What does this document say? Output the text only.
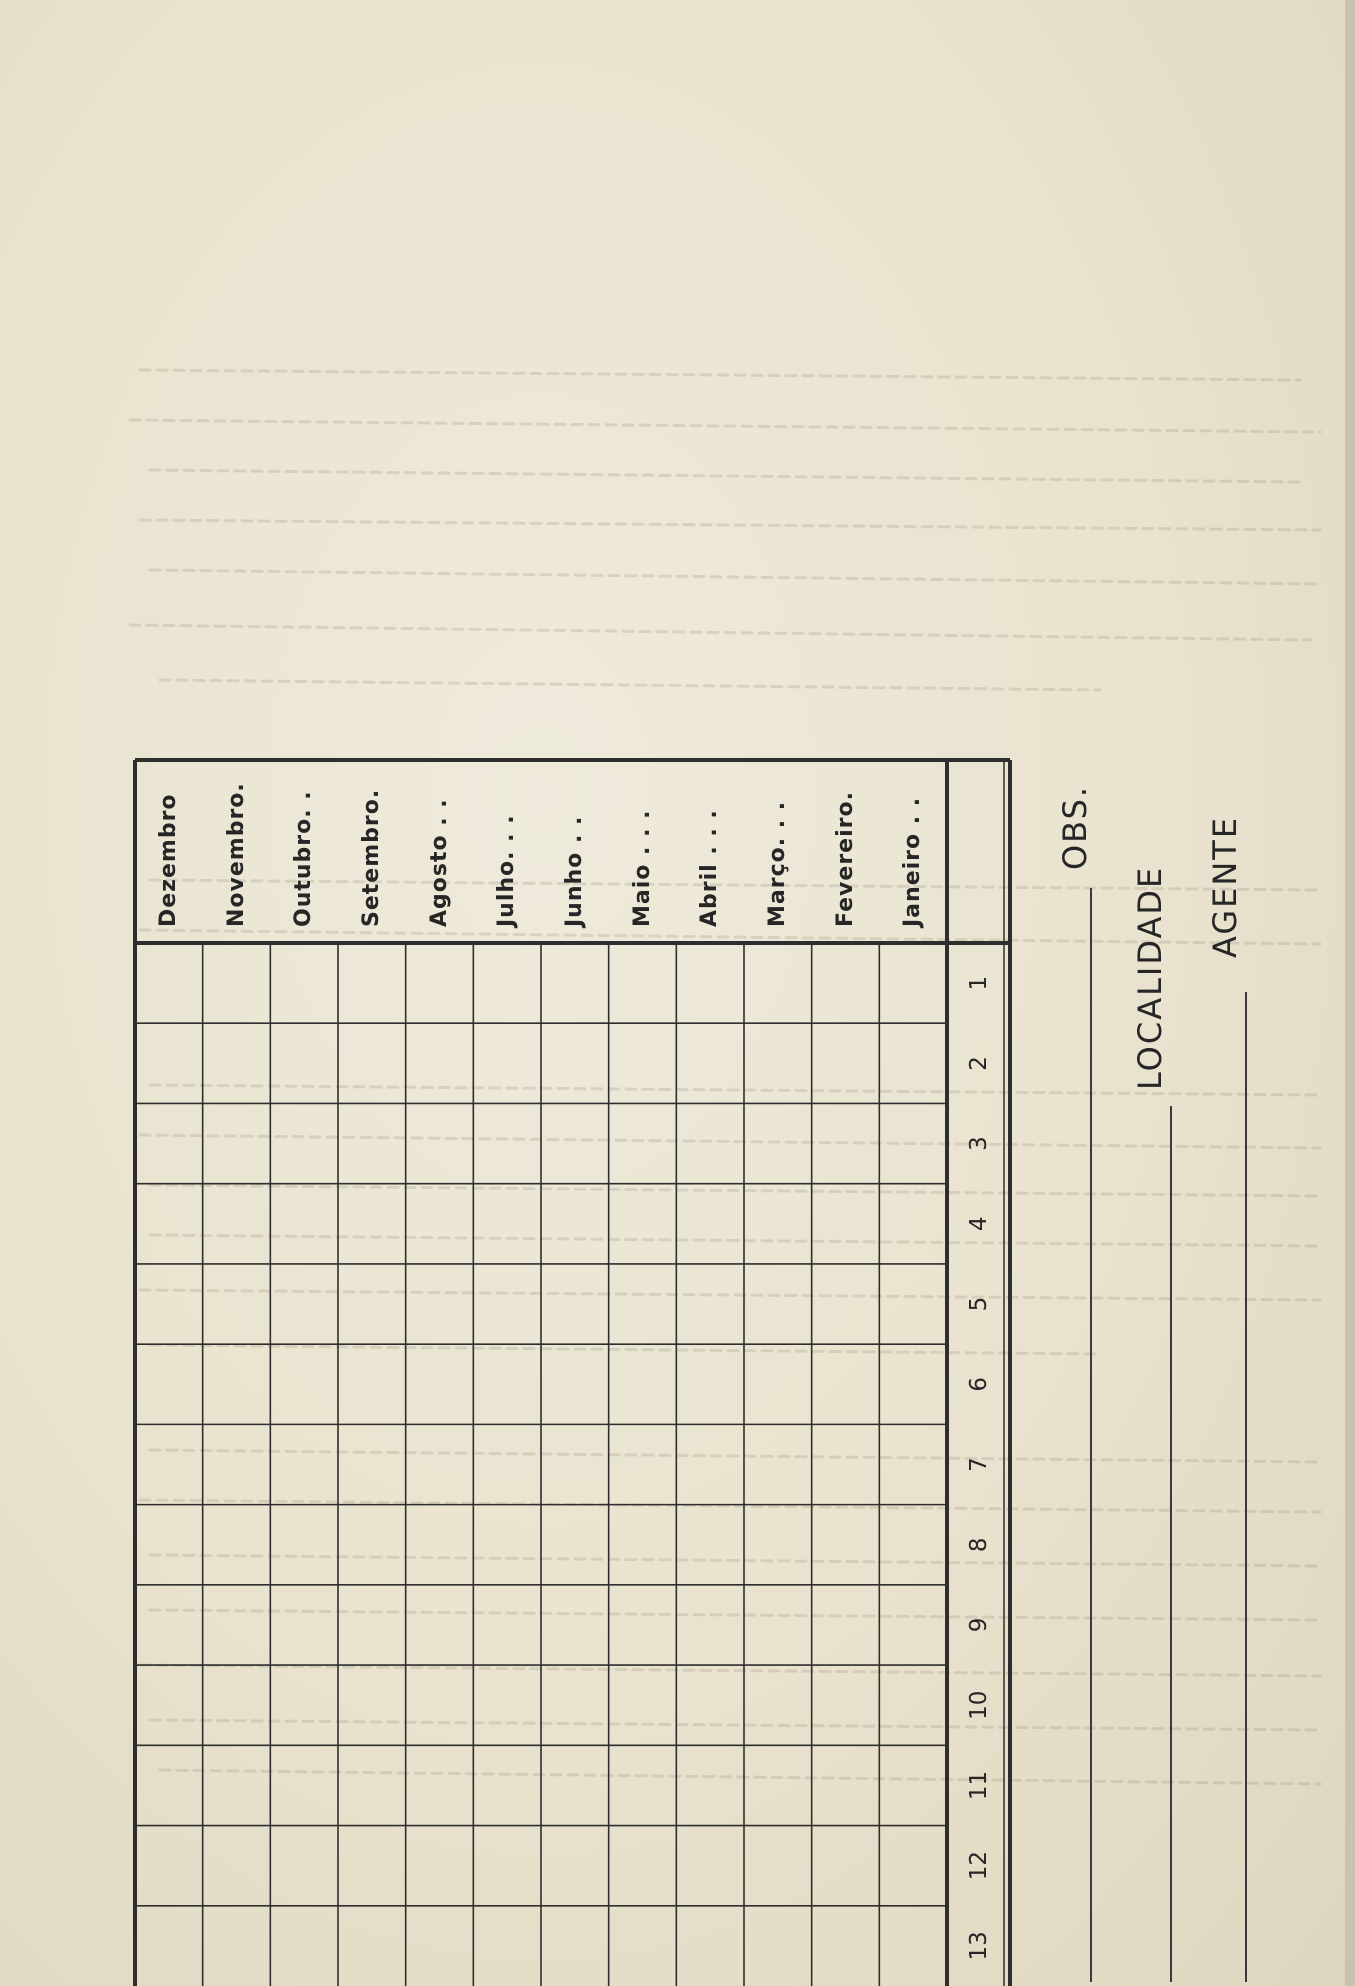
AGENTE
LOCALIDADE
OBS.
Janeiro . .
Fevereiro.
Março. . .
Abril . . .
Maio . . .
Junho . .
Julho. . .
Agosto . .
Setembro.
Outubro. .
Novembro.
Dezembro
1
2
3
4
5
6
7
8
9
10
11
12
13
